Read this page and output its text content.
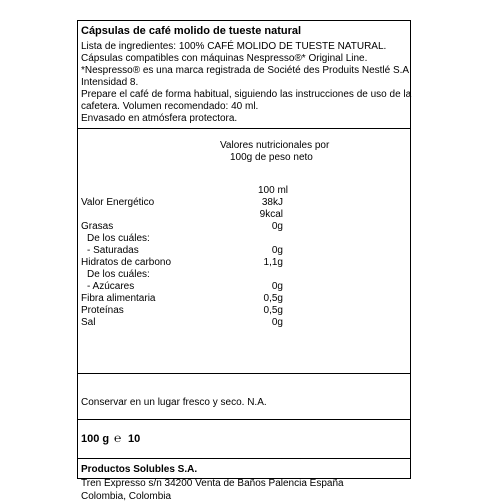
Cápsulas de café molido de tueste natural
Lista de ingredientes: 100% CAFÉ MOLIDO DE TUESTE NATURAL.
Cápsulas compatibles con máquinas Nespresso®* Original Line.
*Nespresso® es una marca registrada de Société des Produits Nestlé S.A.
Intensidad 8.
Prepare el café de forma habitual, siguiendo las instrucciones de uso de la
cafetera. Volumen recomendado: 40 ml.
Envasado en atmósfera protectora.
Valores nutricionales por
100g de peso neto
100 ml
Valor Energético	38kJ
9kcal
Grasas	0g
De los cuáles:
- Saturadas	0g
Hidratos de carbono	1,1g
De los cuáles:
- Azúcares	0g
Fibra alimentaria	0,5g
Proteínas	0,5g
Sal	0g
Conservar en un lugar fresco y seco. N.A.
100 g ℮ 10
Productos Solubles S.A.
Tren Expresso s/n 34200 Venta de Baños Palencia España
Colombia, Colombia
